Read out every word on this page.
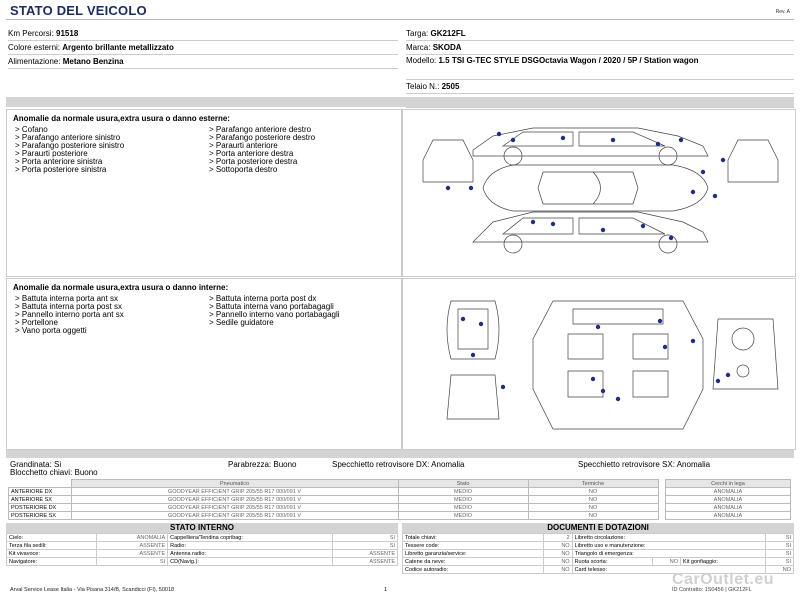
STATO DEL VEICOLO	Rev. A
Km Percorsi: 91518
Colore esterni: Argento brillante metallizzato
Alimentazione: Metano Benzina
Targa: GK212FL
Marca: SKODA
Modello: 1.5 TSI G-TEC STYLE DSGOctavia Wagon / 2020 / 5P / Station wagon
Telaio N.: 2505
Anomalie da normale usura,extra usura o danno esterne:
> Cofano
> Parafango anteriore sinistro
> Parafango posteriore sinistro
> Paraurti posteriore
> Porta anteriore sinistra
> Porta posteriore sinistra
> Parafango anteriore destro
> Parafango posteriore destro
> Paraurti anteriore
> Porta anteriore destra
> Porta posteriore destra
> Sottoporta destro
Anomalie da normale usura,extra usura o danno interne:
> Battuta interna porta ant sx
> Battuta interna porta post sx
> Pannello interno porta ant sx
> Portellone
> Vano porta oggetti
> Battuta interna porta post dx
> Battuta interna vano portabagagli
> Pannello interno vano portabagagli
> Sedile guidatore
Grandinata: Si
Blocchetto chiavi: Buono
Parabrezza: Buono	Specchietto retrovisore DX: Anomalia	Specchietto retrovisore SX: Anomalia
	Pneumatico	Stato	Termiche
ANTERIORE DX	GOODYEAR EFFICIENT GRIP 205/55 R17 000/091 V	MEDIO	NO
ANTERIORE SX	GOODYEAR EFFICIENT GRIP 205/55 R17 000/091 V	MEDIO	NO
POSTERIORE DX	GOODYEAR EFFICIENT GRIP 205/55 R17 000/091 V	MEDIO	NO
POSTERIORE SX	GOODYEAR EFFICIENT GRIP 205/55 R17 000/091 V	MEDIO	NO
Cerchi in lega
ANOMALIA
ANOMALIA
ANOMALIA
ANOMALIA
STATO INTERNO
Cielo:	ANOMALIA	Cappelliera/Tendina copribag:	SI
Terza fila sedili:	ASSENTE	Radio:	SI
Kit vivavoce:	ASSENTE	Antenna radio:	ASSENTE
Navigatore:	SI	CD(Navig.):	ASSENTE
DOCUMENTI E DOTAZIONI
Totale chiavi:	2	Libretto circolazione:			SI
Tessere code:	NO	Libretto uso e manutenzione:			SI
Libretto garanzia/service:	NO	Triangolo di emergenza:			SI
Catene da neve:	NO	Ruota scorta:	NO	Kit gonfiaggio:	SI
Codice autoradio:	NO	Card telesso:			NO
CarOutlet.eu
Arval Service Lease Italia - Via Pisana 314/B, Scandicci (FI), 50018	1	ID Contratto: 1S0456 | GK212FL
